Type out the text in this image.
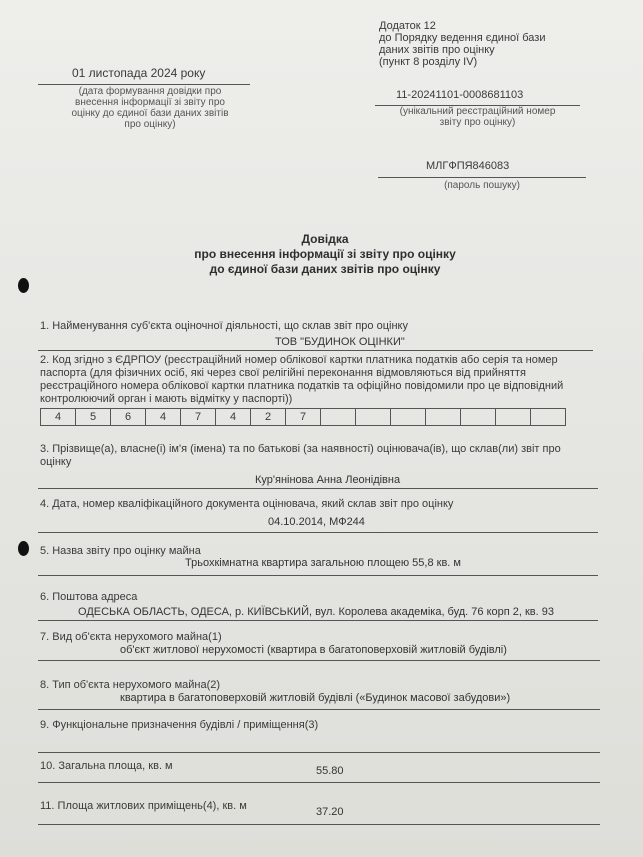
Додаток 12
до Порядку ведення єдиної бази
даних звітів про оцінку
(пункт 8 розділу IV)
01 листопада 2024 року
(дата формування довідки про
внесення інформації зі звіту про
оцінку до єдиної бази даних звітів
про оцінку)
11-20241101-0008681103
(унікальний реєстраційний номер
звіту про оцінку)
МЛГФПЯ846083
(пароль пошуку)
Довідка
про внесення інформації зі звіту про оцінку
до єдиної бази даних звітів про оцінку
1. Найменування суб'єкта оціночної діяльності, що склав звіт про оцінку
ТОВ "БУДИНОК ОЦІНКИ"
2. Код згідно з ЄДРПОУ (реєстраційний номер облікової картки платника податків або серія та номер
паспорта (для фізичних осіб, які через свої релігійні переконання відмовляються від прийняття
реєстраційного номера облікової картки платника податків та офіційно повідомили про це відповідний
контролюючий орган і мають відмітку у паспорті))
4	5	6	4	7	4	2	7							
3. Прізвище(а), власне(і) ім'я (імена) та по батькові (за наявності) оцінювача(ів), що склав(ли) звіт про
оцінку
Кур'янінова Анна Леонідівна
4. Дата, номер кваліфікаційного документа оцінювача, який склав звіт про оцінку
04.10.2014, МФ244
5. Назва звіту про оцінку майна
Трьохкімнатна квартира загальною площею 55,8 кв. м
6. Поштова адреса
ОДЕСЬКА ОБЛАСТЬ, ОДЕСА, р. КИЇВСЬКИЙ, вул. Королева академіка, буд. 76 корп 2, кв. 93
7. Вид об'єкта нерухомого майна(1)
об'єкт житлової нерухомості (квартира в багатоповерховій житловій будівлі)
8. Тип об'єкта нерухомого майна(2)
квартира в багатоповерховій житловій будівлі («Будинок масової забудови»)
9. Функціональне призначення будівлі / приміщення(3)
10. Загальна площа, кв. м	55.80
11. Площа житлових приміщень(4), кв. м	37.20
